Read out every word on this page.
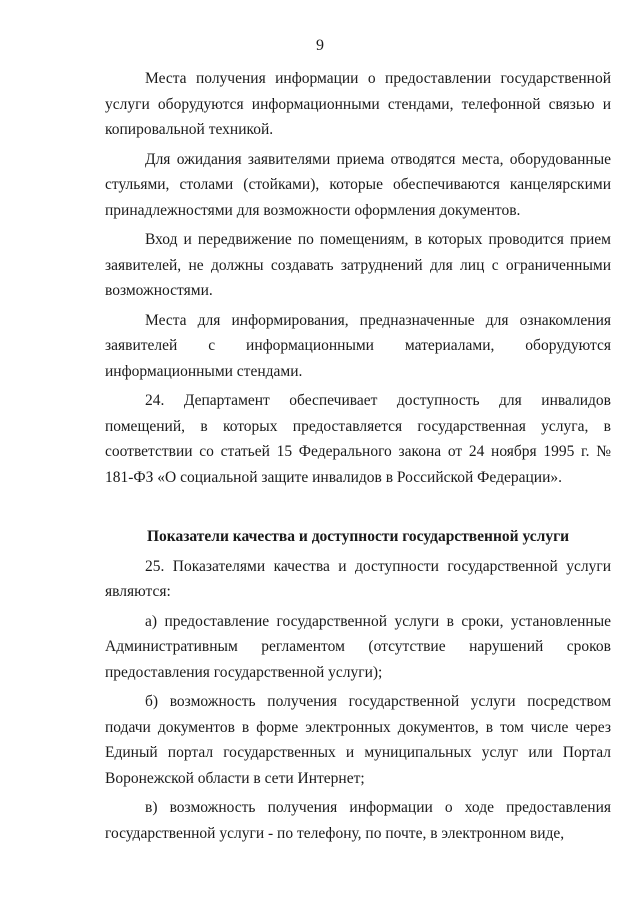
9

Места получения информации о предоставлении государственной услуги оборудуются информационными стендами, телефонной связью и копировальной техникой.

Для ожидания заявителями приема отводятся места, оборудованные стульями, столами (стойками), которые обеспечиваются канцелярскими принадлежностями для возможности оформления документов.

Вход и передвижение по помещениям, в которых проводится прием заявителей, не должны создавать затруднений для лиц с ограниченными возможностями.

Места для информирования, предназначенные для ознакомления заявителей с информационными материалами, оборудуются информационными стендами.

24. Департамент обеспечивает доступность для инвалидов помещений, в которых предоставляется государственная услуга, в соответствии со статьей 15 Федерального закона от 24 ноября 1995 г. № 181-ФЗ «О социальной защите инвалидов в Российской Федерации».

Показатели качества и доступности государственной услуги

25. Показателями качества и доступности государственной услуги являются:

а) предоставление государственной услуги в сроки, установленные Административным регламентом (отсутствие нарушений сроков предоставления государственной услуги);

б) возможность получения государственной услуги посредством подачи документов в форме электронных документов, в том числе через Единый портал государственных и муниципальных услуг или Портал Воронежской области в сети Интернет;

в) возможность получения информации о ходе предоставления государственной услуги - по телефону, по почте, в электронном виде,
